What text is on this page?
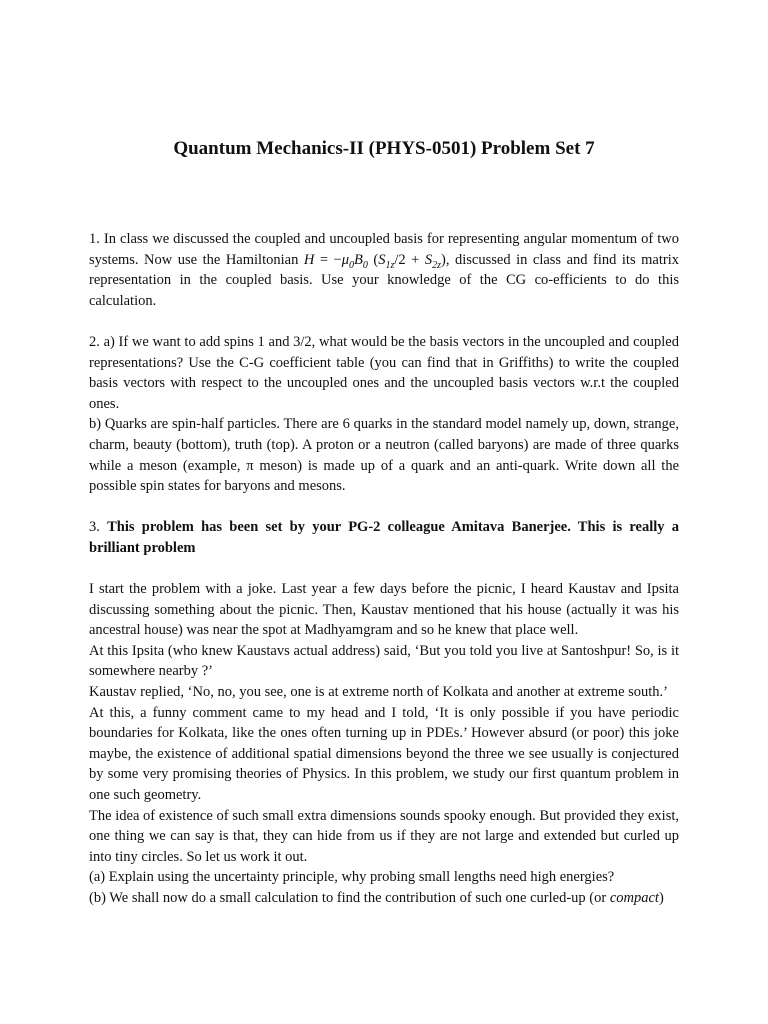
Quantum Mechanics-II (PHYS-0501) Problem Set 7

1. In class we discussed the coupled and uncoupled basis for representing angular momentum of two systems. Now use the Hamiltonian $H = -\mu_0B_0$ $(S_{1z}/2 + S_{2z})$, discussed in class and find its matrix representation in the coupled basis. Use your knowledge of the CG co-efficients to do this calculation.

2. a) If we want to add spins 1 and 3/2, what would be the basis vectors in the uncoupled and coupled representations? Use the C-G coefficient table (you can find that in Griffiths) to write the coupled basis vectors with respect to the uncoupled ones and the uncoupled basis vectors w.r.t the coupled ones.

b) Quarks are spin-half particles. There are 6 quarks in the standard model namely up, down, strange, charm, beauty (bottom), truth (top). A proton or a neutron (called baryons) are made of three quarks while a meson (example, π meson) is made up of a quark and an anti-quark. Write down all the possible spin states for baryons and mesons.

3. This problem has been set by your PG-2 colleague Amitava Banerjee. This is really a brilliant problem

I start the problem with a joke. Last year a few days before the picnic, I heard Kaustav and Ipsita discussing something about the picnic. Then, Kaustav mentioned that his house (actually it was his ancestral house) was near the spot at Madhyamgram and so he knew that place well.

At this Ipsita (who knew Kaustavs actual address) said, ‘But you told you live at Santoshpur! So, is it somewhere nearby ?’

Kaustav replied, ‘No, no, you see, one is at extreme north of Kolkata and another at extreme south.’

At this, a funny comment came to my head and I told, ‘It is only possible if you have periodic boundaries for Kolkata, like the ones often turning up in PDEs.’ However absurd (or poor) this joke maybe, the existence of additional spatial dimensions beyond the three we see usually is conjectured by some very promising theories of Physics. In this problem, we study our first quantum problem in one such geometry.

The idea of existence of such small extra dimensions sounds spooky enough. But provided they exist, one thing we can say is that, they can hide from us if they are not large and extended but curled up into tiny circles. So let us work it out.

(a) Explain using the uncertainty principle, why probing small lengths need high energies?

(b) We shall now do a small calculation to find the contribution of such one curled-up (or compact)
